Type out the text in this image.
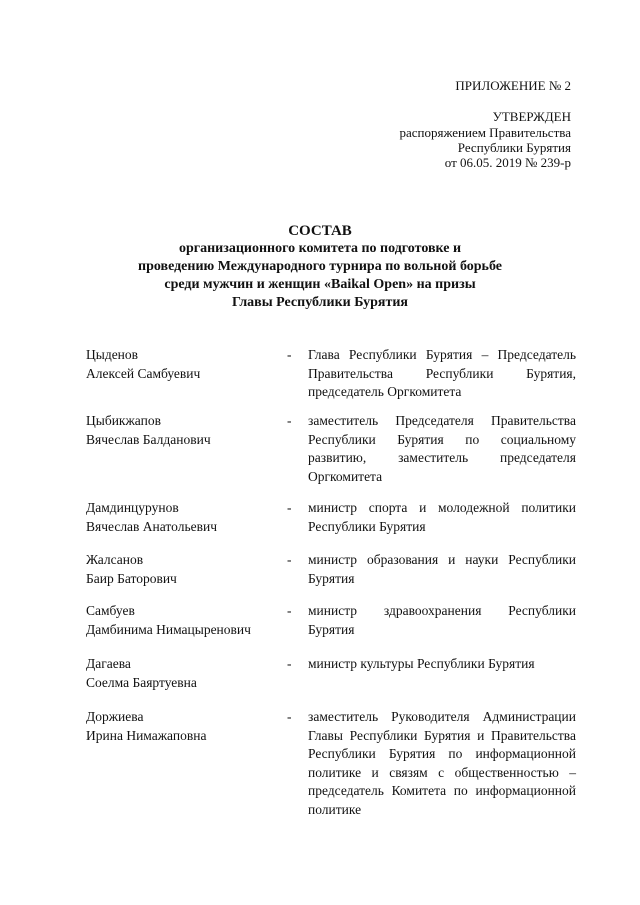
ПРИЛОЖЕНИЕ № 2
УТВЕРЖДЕН
распоряжением Правительства
Республики Бурятия
от 06.05. 2019 № 239-р
СОСТАВ
организационного комитета по подготовке и
проведению Международного турнира по вольной борьбе
среди мужчин и женщин «Baikal Open» на призы
Главы Республики Бурятия
Цыденов
Алексей Самбуевич
- Глава Республики Бурятия – Председатель Правительства Республики Бурятия, председатель Оргкомитета
Цыбикжапов
Вячеслав Балданович
- заместитель Председателя Правительства Республики Бурятия по социальному развитию, заместитель председателя Оргкомитета
Дамдинцурунов
Вячеслав Анатольевич
- министр спорта и молодежной политики Республики Бурятия
Жалсанов
Баир Баторович
- министр образования и науки Республики Бурятия
Самбуев
Дамбинима Нимацыренович
- министр здравоохранения Республики Бурятия
Дагаева
Соелма Баяртуевна
- министр культуры Республики Бурятия
Доржиева
Ирина Нимажаповна
- заместитель Руководителя Администрации Главы Республики Бурятия и Правительства Республики Бурятия по информационной политике и связям с общественностью – председатель Комитета по информационной политике
